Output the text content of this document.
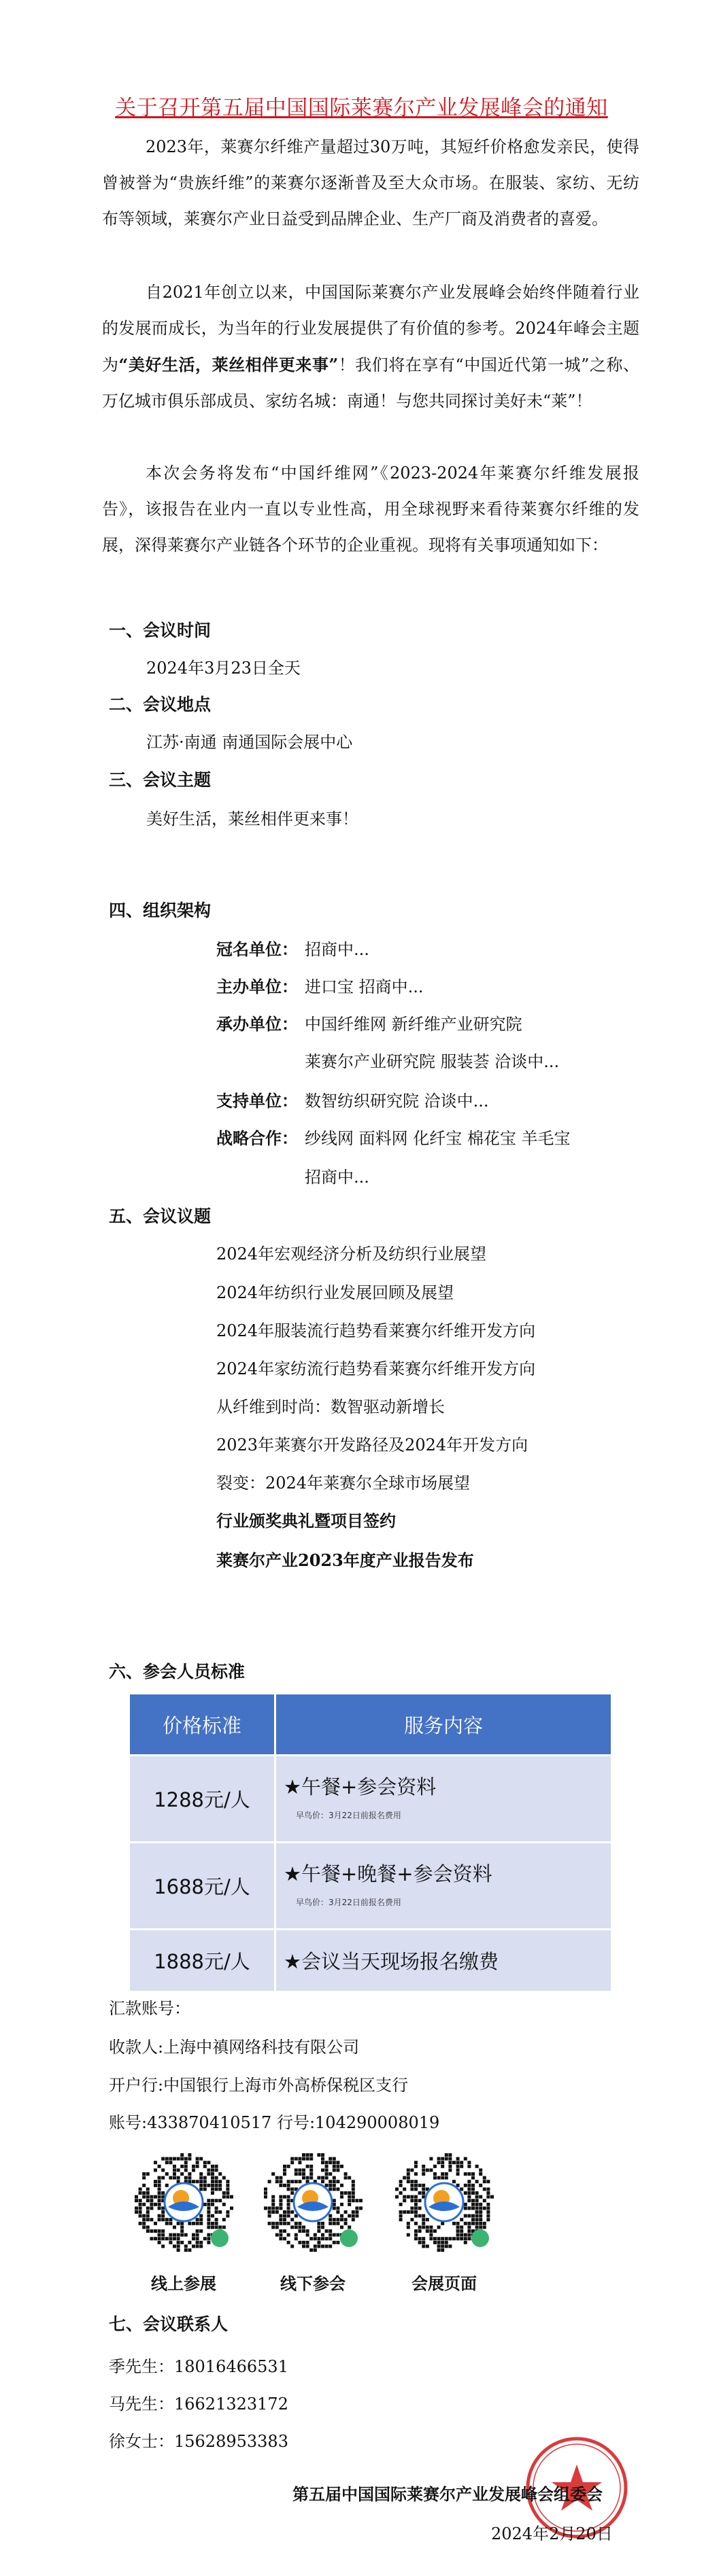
关于召开第五届中国国际莱赛尔产业发展峰会的通知

2023年，莱赛尔纤维产量超过30万吨，其短纤价格愈发亲民，使得曾被誉为“贵族纤维”的莱赛尔逐渐普及至大众市场。在服装、家纺、无纺布等领域，莱赛尔产业日益受到品牌企业、生产厂商及消费者的喜爱。

自2021年创立以来，中国国际莱赛尔产业发展峰会始终伴随着行业的发展而成长，为当年的行业发展提供了有价值的参考。2024年峰会主题为“美好生活，莱丝相伴更来事”！我们将在享有“中国近代第一城”之称、万亿城市俱乐部成员、家纺名城：南通！与您共同探讨美好未“莱”！

本次会务将发布“中国纤维网”《2023-2024年莱赛尔纤维发展报告》，该报告在业内一直以专业性高，用全球视野来看待莱赛尔纤维的发展，深得莱赛尔产业链各个环节的企业重视。现将有关事项通知如下：

一、会议时间
2024年3月23日全天
二、会议地点
江苏·南通 南通国际会展中心
三、会议主题
美好生活，莱丝相伴更来事！
四、组织架构
冠名单位： 招商中...
主办单位： 进口宝 招商中...
承办单位： 中国纤维网 新纤维产业研究院
莱赛尔产业研究院 服装荟 洽谈中...
支持单位： 数智纺织研究院 洽谈中...
战略合作： 纱线网 面料网 化纤宝 棉花宝 羊毛宝
招商中...
五、会议议题
2024年宏观经济分析及纺织行业展望
2024年纺织行业发展回顾及展望
2024年服装流行趋势看莱赛尔纤维开发方向
2024年家纺流行趋势看莱赛尔纤维开发方向
从纤维到时尚：数智驱动新增长
2023年莱赛尔开发路径及2024年开发方向
裂变：2024年莱赛尔全球市场展望
行业颁奖典礼暨项目签约
莱赛尔产业2023年度产业报告发布
六、参会人员标准
价格标准	服务内容
1288元/人	★午餐+参会资料
早鸟价：3月22日前报名费用

1688元/人	★午餐+晚餐+参会资料
早鸟价：3月22日前报名费用

1888元/人	★会议当天现场报名缴费
汇款账号：
收款人:上海中禛网络科技有限公司
开户行:中国银行上海市外高桥保税区支行
账号:433870410517 行号:104290008019
线上参展	线下参会	会展页面
七、会议联系人
季先生：18016466531
马先生：16621323172
徐女士：15628953383
第五届中国国际莱赛尔产业发展峰会组委会
2024年2月20日
